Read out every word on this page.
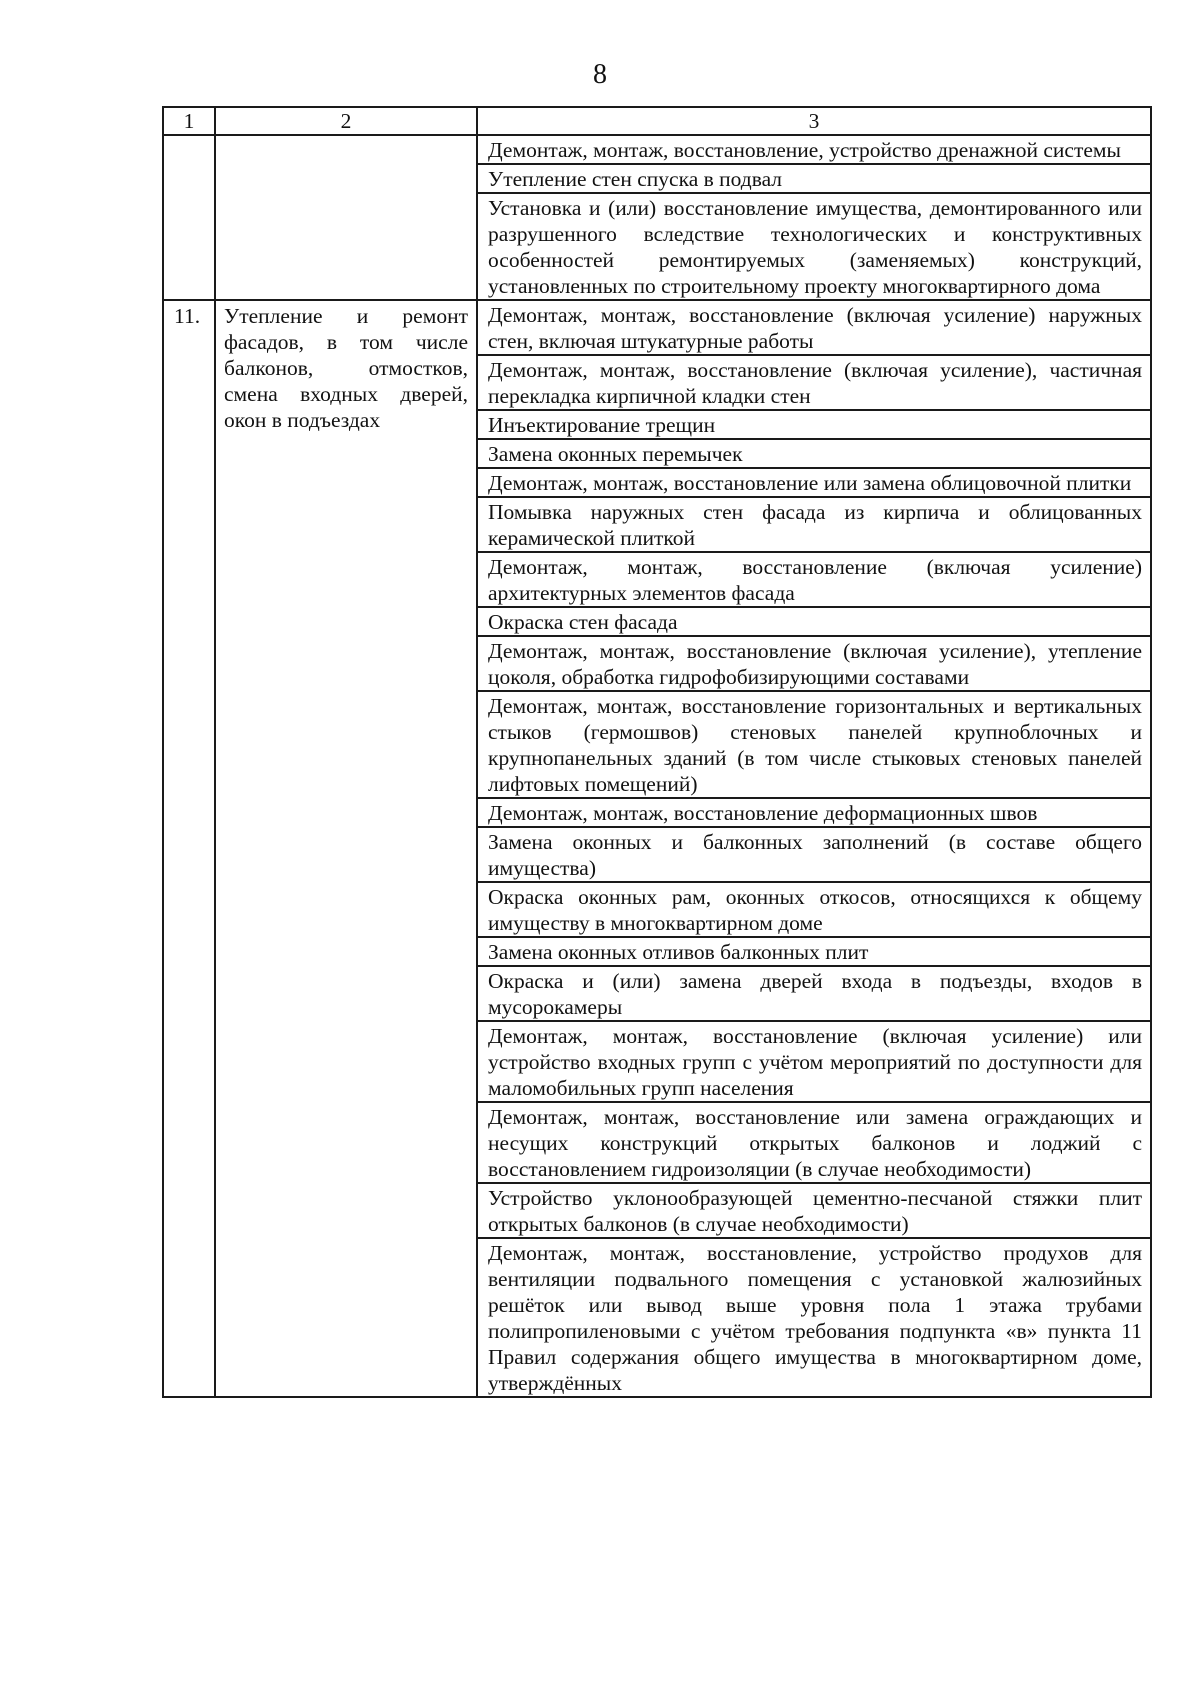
8
1	2	3
		Демонтаж, монтаж, восстановление, устройство дренажной системы
		Утепление стен спуска в подвал
		Установка и (или) восстановление имущества, демонтированного или разрушенного вследствие технологических и конструктивных особенностей ремонтируемых (заменяемых) конструкций, установленных по строительному проекту многоквартирного дома
11.	Утепление и ремонт фасадов, в том числе балконов, отмостков, смена входных дверей, окон в подъездах	Демонтаж, монтаж, восстановление (включая усиление) наружных стен, включая штукатурные работы
		Демонтаж, монтаж, восстановление (включая усиление), частичная перекладка кирпичной кладки стен
		Инъектирование трещин
		Замена оконных перемычек
		Демонтаж, монтаж, восстановление или замена облицовочной плитки
		Помывка наружных стен фасада из кирпича и облицованных керамической плиткой
		Демонтаж, монтаж, восстановление (включая усиление) архитектурных элементов фасада
		Окраска стен фасада
		Демонтаж, монтаж, восстановление (включая усиление), утепление цоколя, обработка гидрофобизирующими составами
		Демонтаж, монтаж, восстановление горизонтальных и вертикальных стыков (гермошвов) стеновых панелей крупноблочных и крупнопанельных зданий (в том числе стыковых стеновых панелей лифтовых помещений)
		Демонтаж, монтаж, восстановление деформационных швов
		Замена оконных и балконных заполнений (в составе общего имущества)
		Окраска оконных рам, оконных откосов, относящихся к общему имуществу в многоквартирном доме
		Замена оконных отливов балконных плит
		Окраска и (или) замена дверей входа в подъезды, входов в мусорокамеры
		Демонтаж, монтаж, восстановление (включая усиление) или устройство входных групп с учётом мероприятий по доступности для маломобильных групп населения
		Демонтаж, монтаж, восстановление или замена ограждающих и несущих конструкций открытых балконов и лоджий с восстановлением гидроизоляции (в случае необходимости)
		Устройство уклонообразующей цементно-песчаной стяжки плит открытых балконов (в случае необходимости)
		Демонтаж, монтаж, восстановление, устройство продухов для вентиляции подвального помещения с установкой жалюзийных решёток или вывод выше уровня пола 1 этажа трубами полипропиленовыми с учётом требования подпункта «в» пункта 11 Правил содержания общего имущества в многоквартирном доме, утверждённых
